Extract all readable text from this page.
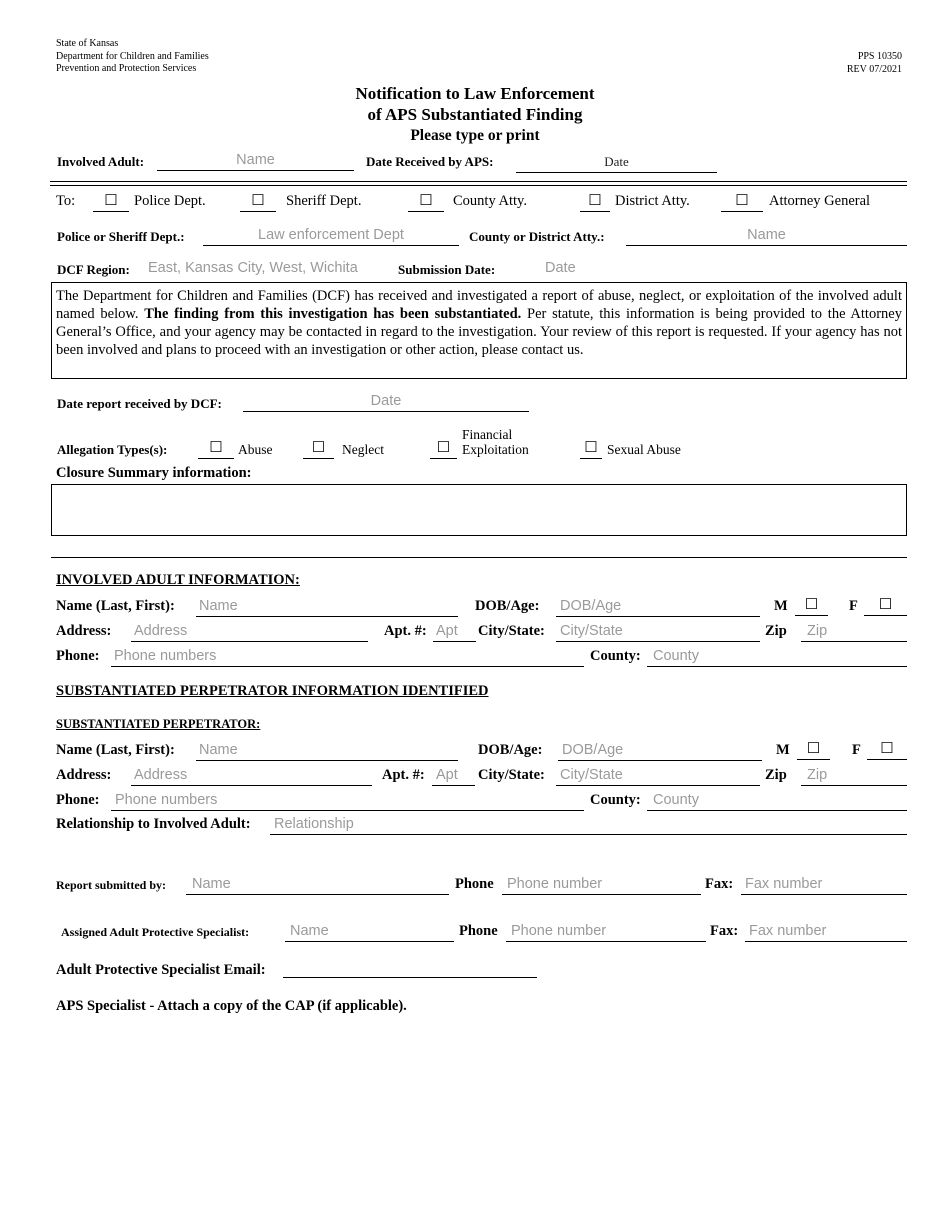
State of Kansas
Department for Children and Families
Prevention and Protection Services
PPS 10350
REV 07/2021
Notification to Law Enforcement
of APS Substantiated Finding
Please type or print
Involved Adult:	Name	Date Received by APS:	Date
To:	☐	Police Dept.	☐	Sheriff Dept.	☐	County Atty.	☐ District Atty.	☐	Attorney General
Police or Sheriff Dept.:	Law enforcement Dept	County or District Atty.:	Name
DCF Region: East, Kansas City, West, Wichita	Submission Date:	Date
The Department for Children and Families (DCF) has received and investigated a report of abuse, neglect, or exploitation of the involved adult named below. The finding from this investigation has been substantiated. Per statute, this information is being provided to the Attorney General’s Office, and your agency may be contacted in regard to the investigation. Your review of this report is requested. If your agency has not been involved and plans to proceed with an investigation or other action, please contact us.
Date report received by DCF:	Date
Allegation Types(s):	☐	Abuse	☐	Neglect	☐
Financial
Exploitation	☐ Sexual Abuse
Closure Summary information:
INVOLVED ADULT INFORMATION:
Name (Last, First): Name	DOB/Age: DOB/Age	M	☐	F	☐
Address: Address	Apt. #: Apt	City/State: City/State	Zip	Zip
Phone: Phone numbers	County: County
SUBSTANTIATED PERPETRATOR INFORMATION IDENTIFIED
SUBSTANTIATED PERPETRATOR:
Name (Last, First): Name	DOB/Age: DOB/Age	M	☐	F	☐
Address: Address	Apt. #: Apt	City/State: City/State	Zip	Zip
Phone: Phone numbers	County: County
Relationship to Involved Adult: Relationship
Report submitted by:	Name	Phone Phone number	Fax: Fax number
Assigned Adult Protective Specialist:	Name	Phone Phone number	Fax: Fax number
Adult Protective Specialist Email:
APS Specialist - Attach a copy of the CAP (if applicable).
